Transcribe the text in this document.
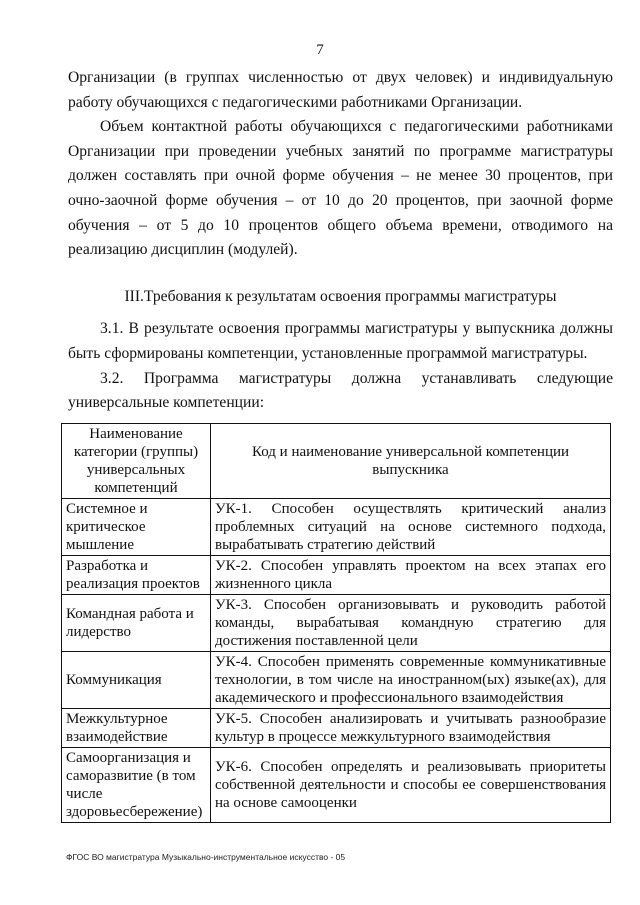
7

Организации (в группах численностью от двух человек) и индивидуальную работу обучающихся с педагогическими работниками Организации.

Объем контактной работы обучающихся с педагогическими работниками Организации при проведении учебных занятий по программе магистратуры должен составлять при очной форме обучения – не менее 30 процентов, при очно-заочной форме обучения – от 10 до 20 процентов, при заочной форме обучения – от 5 до 10 процентов общего объема времени, отводимого на реализацию дисциплин (модулей).

III.Требования к результатам освоения программы магистратуры

3.1. В результате освоения программы магистратуры у выпускника должны быть сформированы компетенции, установленные программой магистратуры.

3.2. Программа магистратуры должна устанавливать следующие универсальные компетенции:

Наименование категории (группы) универсальных компетенций	Код и наименование универсальной компетенции выпускника
Системное и критическое мышление	УК-1. Способен осуществлять критический анализ проблемных ситуаций на основе системного подхода, вырабатывать стратегию действий
Разработка и реализация проектов	УК-2. Способен управлять проектом на всех этапах его жизненного цикла
Командная работа и лидерство	УК-3. Способен организовывать и руководить работой команды, вырабатывая командную стратегию для достижения поставленной цели
Коммуникация	УК-4. Способен применять современные коммуникативные технологии, в том числе на иностранном(ых) языке(ах), для академического и профессионального взаимодействия
Межкультурное взаимодействие	УК-5. Способен анализировать и учитывать разнообразие культур в процессе межкультурного взаимодействия
Самоорганизация и саморазвитие (в том числе здоровьесбережение)	УК-6. Способен определять и реализовывать приоритеты собственной деятельности и способы ее совершенствования на основе самооценки
ФГОС ВО магистратура Музыкально-инструментальное искусство - 05
